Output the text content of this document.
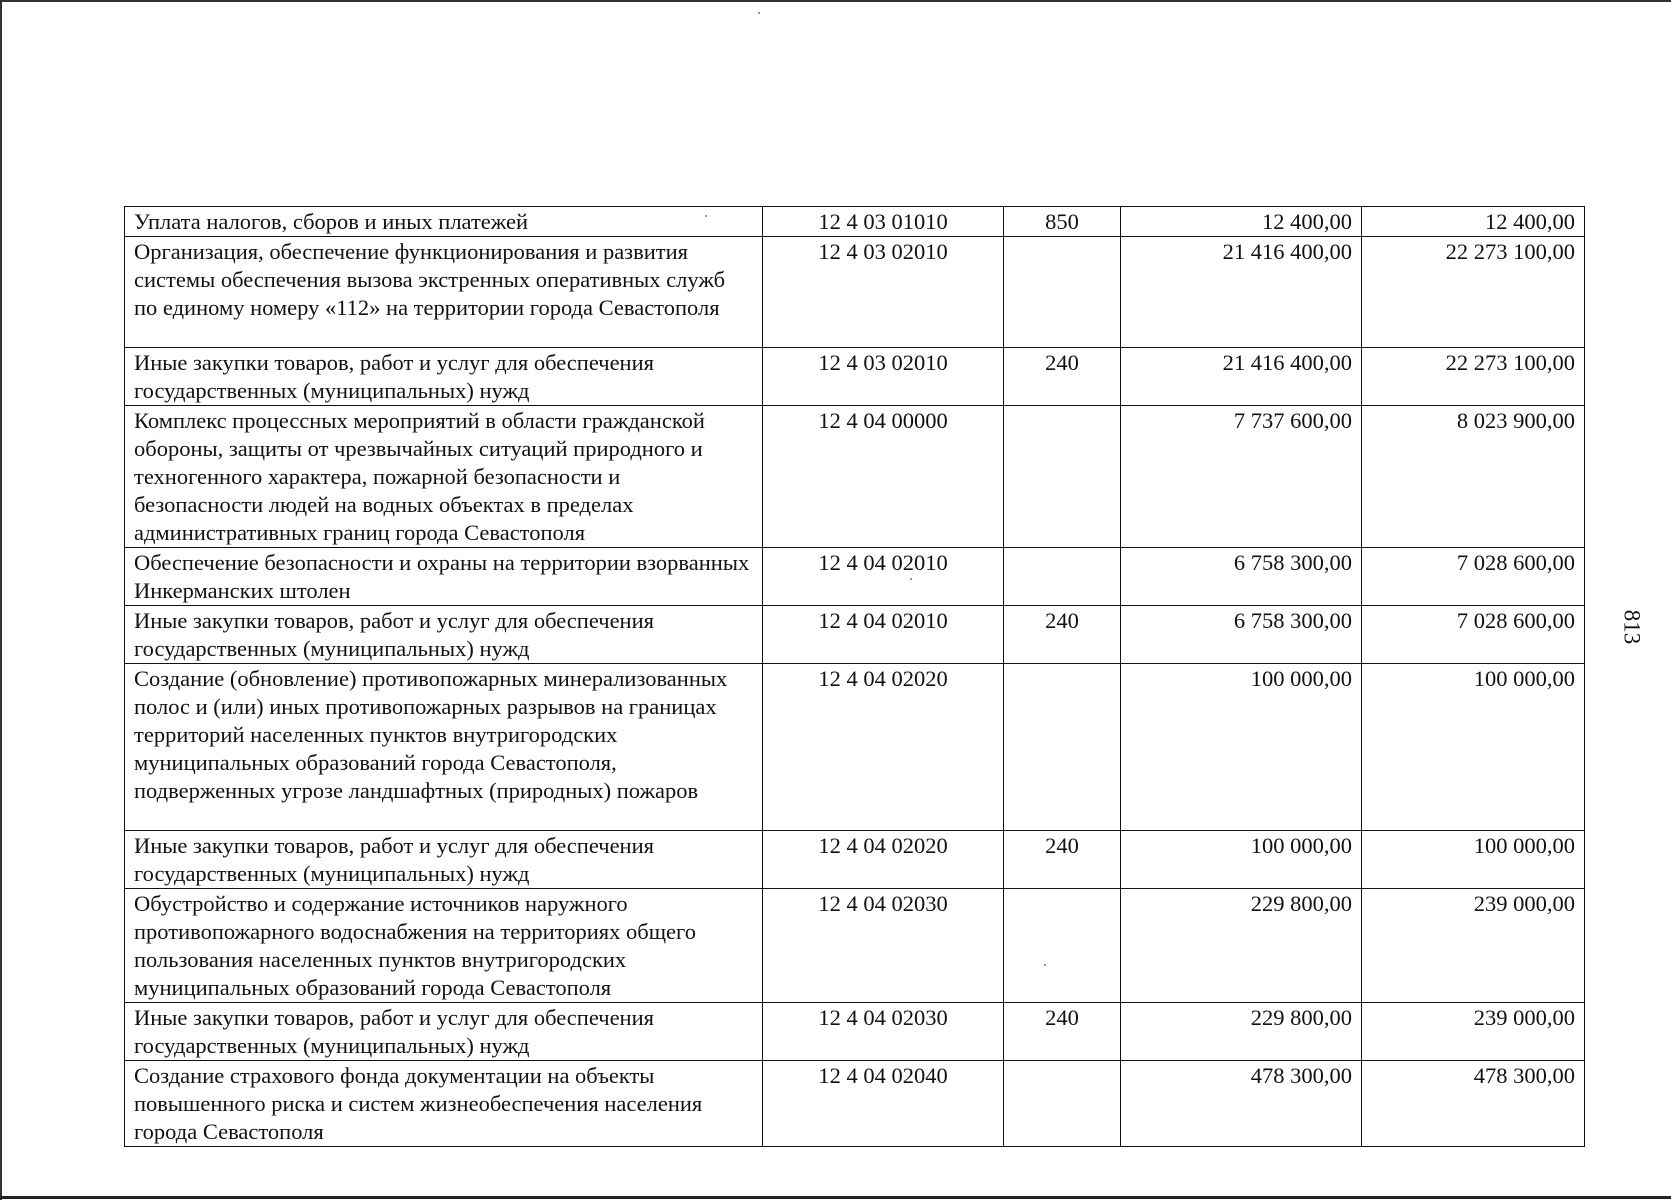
Уплата налогов, сборов и иных платежей	12 4 03 01010	850	12 400,00	12 400,00
Организация, обеспечение функционирования и развития системы обеспечения вызова экстренных оперативных служб по единому номеру «112» на территории города Севастополя	12 4 03 02010		21 416 400,00	22 273 100,00
Иные закупки товаров, работ и услуг для обеспечения государственных (муниципальных) нужд	12 4 03 02010	240	21 416 400,00	22 273 100,00
Комплекс процессных мероприятий в области гражданской обороны, защиты от чрезвычайных ситуаций природного и техногенного характера, пожарной безопасности и безопасности людей на водных объектах в пределах административных границ города Севастополя	12 4 04 00000		7 737 600,00	8 023 900,00
Обеспечение безопасности и охраны на территории взорванных Инкерманских штолен	12 4 04 02010		6 758 300,00	7 028 600,00
Иные закупки товаров, работ и услуг для обеспечения государственных (муниципальных) нужд	12 4 04 02010	240	6 758 300,00	7 028 600,00
Создание (обновление) противопожарных минерализованных полос и (или) иных противопожарных разрывов на границах территорий населенных пунктов внутригородских муниципальных образований города Севастополя, подверженных угрозе ландшафтных (природных) пожаров	12 4 04 02020		100 000,00	100 000,00
Иные закупки товаров, работ и услуг для обеспечения государственных (муниципальных) нужд	12 4 04 02020	240	100 000,00	100 000,00
Обустройство и содержание источников наружного противопожарного водоснабжения на территориях общего пользования населенных пунктов внутригородских муниципальных образований города Севастополя	12 4 04 02030		229 800,00	239 000,00
Иные закупки товаров, работ и услуг для обеспечения государственных (муниципальных) нужд	12 4 04 02030	240	229 800,00	239 000,00
Создание страхового фонда документации на объекты повышенного риска и систем жизнеобеспечения населения города Севастополя	12 4 04 02040		478 300,00	478 300,00
813
